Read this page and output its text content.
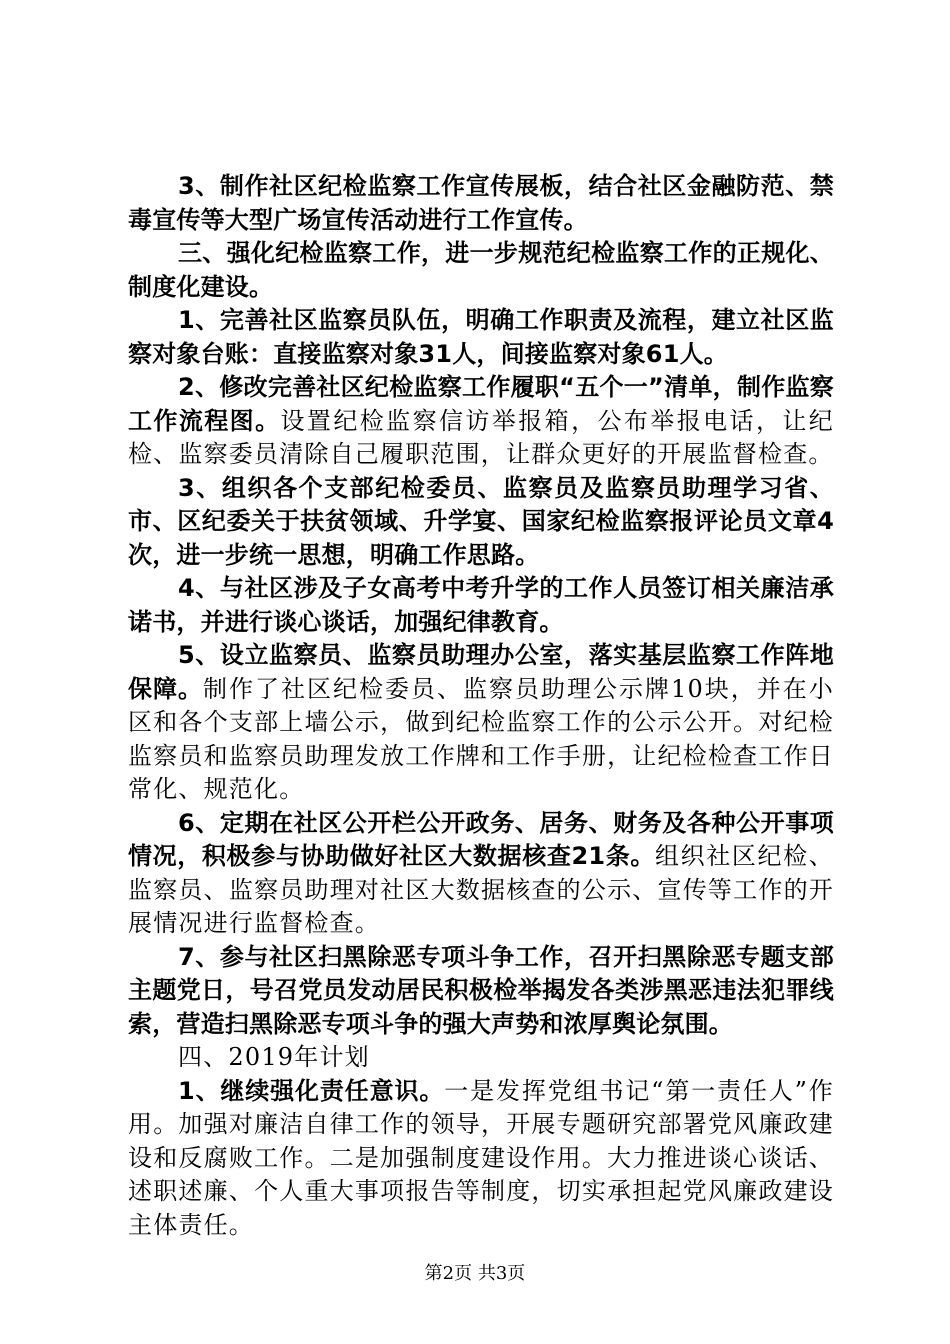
3、制作社区纪检监察工作宣传展板，结合社区金融防范、禁毒宣传等大型广场宣传活动进行工作宣传。

三、强化纪检监察工作，进一步规范纪检监察工作的正规化、制度化建设。

1、完善社区监察员队伍，明确工作职责及流程，建立社区监察对象台账：直接监察对象31人，间接监察对象61人。

2、修改完善社区纪检监察工作履职“五个一”清单，制作监察工作流程图。设置纪检监察信访举报箱，公布举报电话，让纪检、监察委员清除自己履职范围，让群众更好的开展监督检查。

3、组织各个支部纪检委员、监察员及监察员助理学习省、市、区纪委关于扶贫领域、升学宴、国家纪检监察报评论员文章4次，进一步统一思想，明确工作思路。

4、与社区涉及子女高考中考升学的工作人员签订相关廉洁承诺书，并进行谈心谈话，加强纪律教育。

5、设立监察员、监察员助理办公室，落实基层监察工作阵地保障。制作了社区纪检委员、监察员助理公示牌10块，并在小区和各个支部上墙公示，做到纪检监察工作的公示公开。对纪检监察员和监察员助理发放工作牌和工作手册，让纪检检查工作日常化、规范化。

6、定期在社区公开栏公开政务、居务、财务及各种公开事项情况，积极参与协助做好社区大数据核查21条。组织社区纪检、监察员、监察员助理对社区大数据核查的公示、宣传等工作的开展情况进行监督检查。

7、参与社区扫黑除恶专项斗争工作，召开扫黑除恶专题支部主题党日，号召党员发动居民积极检举揭发各类涉黑恶违法犯罪线索，营造扫黑除恶专项斗争的强大声势和浓厚舆论氛围。

四、2019年计划

1、继续强化责任意识。一是发挥党组书记“第一责任人”作用。加强对廉洁自律工作的领导，开展专题研究部署党风廉政建设和反腐败工作。二是加强制度建设作用。大力推进谈心谈话、述职述廉、个人重大事项报告等制度，切实承担起党风廉政建设主体责任。

第2页 共3页
